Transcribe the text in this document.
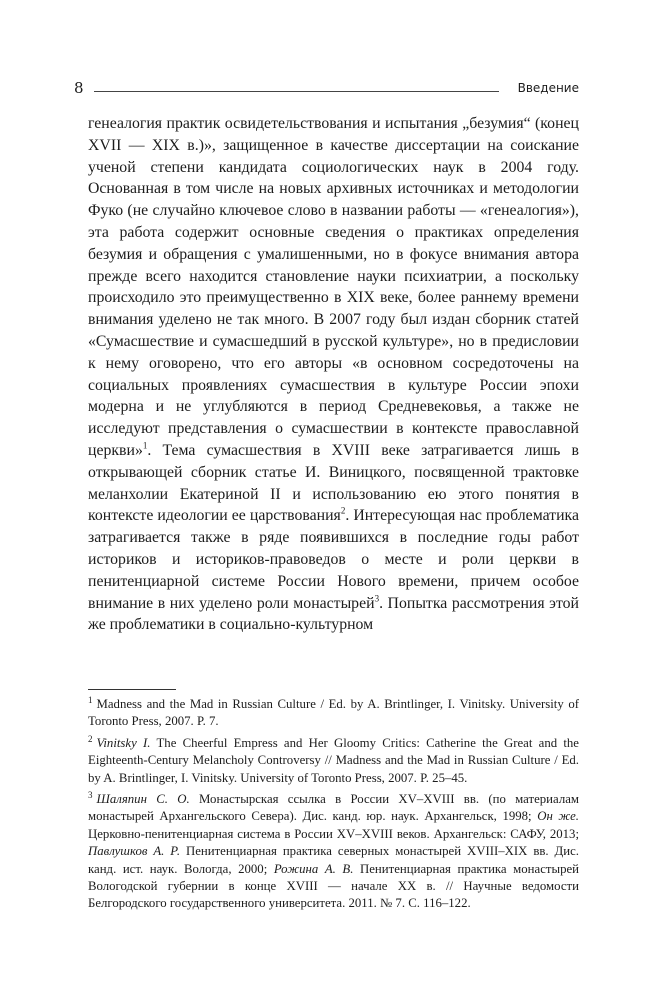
8	Введение

генеалогия практик освидетельствования и испытания „безумия“ (конец XVII — XIX в.)», защищенное в качестве диссертации на соискание ученой степени кандидата социологических наук в 2004 году. Основанная в том числе на новых архивных источниках и методологии Фуко (не случайно ключевое слово в названии работы — «генеалогия»), эта работа содержит основные сведения о практиках определения безумия и обращения с умалишенными, но в фокусе внимания автора прежде всего находится становление науки психиатрии, а поскольку происходило это преимущественно в XIX веке, более раннему времени внимания уделено не так много. В 2007 году был издан сборник статей «Сумасшествие и сумасшедший в русской культуре», но в предисловии к нему оговорено, что его авторы «в основном сосредоточены на социальных проявлениях сумасшествия в культуре России эпохи модерна и не углубляются в период Средневековья, а также не исследуют представления о сумасшествии в контексте православной церкви»$^1$. Тема сумасшествия в XVIII веке затрагивается лишь в открывающей сборник статье И. Виницкого, посвященной трактовке меланхолии Екатериной II и использованию ею этого понятия в контексте идеологии ее царствования$^2$. Интересующая нас проблематика затрагивается также в ряде появившихся в последние годы работ историков и историков-правоведов о месте и роли церкви в пенитенциарной системе России Нового времени, причем особое внимание в них уделено роли монастырей$^3$. Попытка рассмотрения этой же проблематики в социально-культурном

$^1$ Madness and the Mad in Russian Culture / Ed. by A. Brintlinger, I. Vinitsky. University of Toronto Press, 2007. P. 7.

$^2$ Vinitsky I. The Cheerful Empress and Her Gloomy Critics: Catherine the Great and the Eighteenth-Century Melancholy Controversy // Madness and the Mad in Russian Culture / Ed. by A. Brintlinger, I. Vinitsky. University of Toronto Press, 2007. P. 25–45.

$^3$ Шаляпин С. О. Монастырская ссылка в России XV–XVIII вв. (по материалам монастырей Архангельского Севера). Дис. канд. юр. наук. Архангельск, 1998; Он же. Церковно-пенитенциарная система в России XV–XVIII веков. Архангельск: САФУ, 2013; Павлушков А. Р. Пенитенциарная практика северных монастырей XVIII–XIX вв. Дис. канд. ист. наук. Вологда, 2000; Рожина А. В. Пенитенциарная практика монастырей Вологодской губернии в конце XVIII — начале XX в. // Научные ведомости Белгородского государственного университета. 2011. № 7. С. 116–122.
